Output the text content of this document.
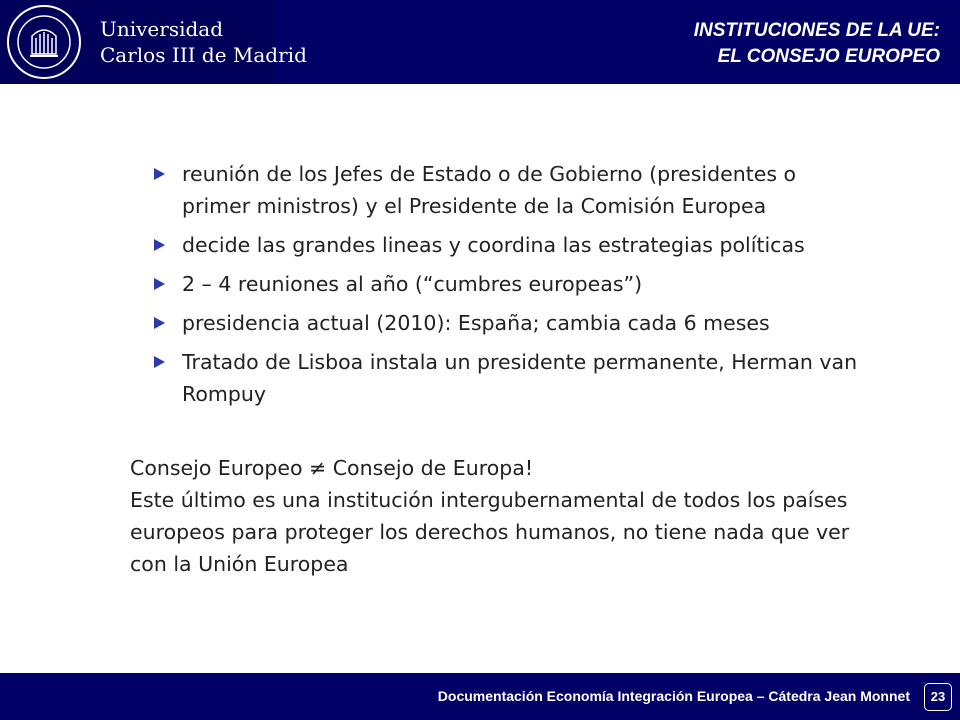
Universidad
Carlos III de Madrid
INSTITUCIONES DE LA UE:
EL CONSEJO EUROPEO
reunión de los Jefes de Estado o de Gobierno (presidentes o primer ministros) y el Presidente de la Comisión Europea
decide las grandes lineas y coordina las estrategias políticas
2 – 4 reuniones al año (“cumbres europeas”)
presidencia actual (2010): España; cambia cada 6 meses
Tratado de Lisboa instala un presidente permanente, Herman van Rompuy
Consejo Europeo ≠ Consejo de Europa!
Este último es una institución intergubernamental de todos los países europeos para proteger los derechos humanos, no tiene nada que ver con la Unión Europea
Documentación Economía Integración Europea – Cátedra Jean Monnet	23
